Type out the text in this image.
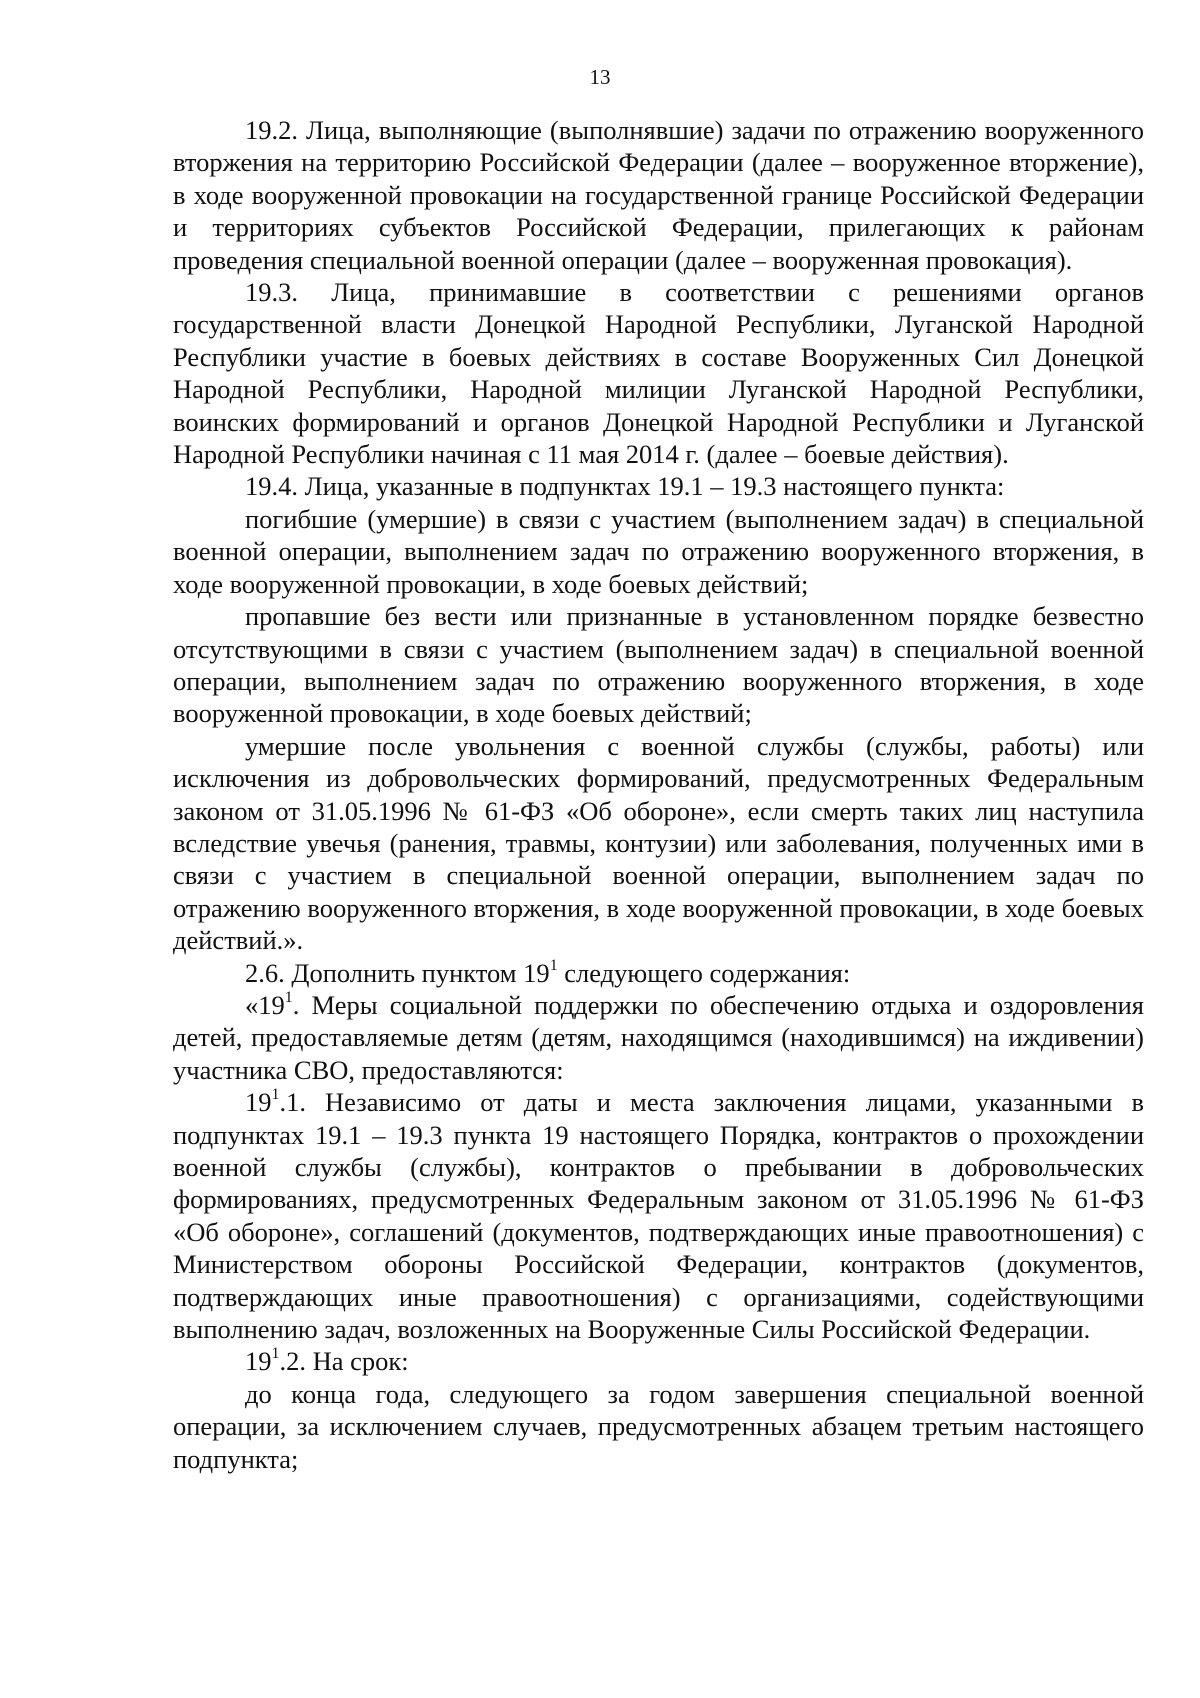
13

19.2. Лица, выполняющие (выполнявшие) задачи по отражению вооруженного вторжения на территорию Российской Федерации (далее – вооруженное вторжение), в ходе вооруженной провокации на государственной границе Российской Федерации и территориях субъектов Российской Федерации, прилегающих к районам проведения специальной военной операции (далее – вооруженная провокация).

19.3. Лица, принимавшие в соответствии с решениями органов государственной власти Донецкой Народной Республики, Луганской Народной Республики участие в боевых действиях в составе Вооруженных Сил Донецкой Народной Республики, Народной милиции Луганской Народной Республики, воинских формирований и органов Донецкой Народной Республики и Луганской Народной Республики начиная с 11 мая 2014 г. (далее – боевые действия).

19.4. Лица, указанные в подпунктах 19.1 – 19.3 настоящего пункта:

погибшие (умершие) в связи с участием (выполнением задач) в специальной военной операции, выполнением задач по отражению вооруженного вторжения, в ходе вооруженной провокации, в ходе боевых действий;

пропавшие без вести или признанные в установленном порядке безвестно отсутствующими в связи с участием (выполнением задач) в специальной военной операции, выполнением задач по отражению вооруженного вторжения, в ходе вооруженной провокации, в ходе боевых действий;

умершие после увольнения с военной службы (службы, работы) или исключения из добровольческих формирований, предусмотренных Федеральным законом от 31.05.1996 № 61-ФЗ «Об обороне», если смерть таких лиц наступила вследствие увечья (ранения, травмы, контузии) или заболевания, полученных ими в связи с участием в специальной военной операции, выполнением задач по отражению вооруженного вторжения, в ходе вооруженной провокации, в ходе боевых действий.».

2.6. Дополнить пунктом $19^1$ следующего содержания:

«$19^1$. Меры социальной поддержки по обеспечению отдыха и оздоровления детей, предоставляемые детям (детям, находящимся (находившимся) на иждивении) участника СВО, предоставляются:

$19^1.1$. Независимо от даты и места заключения лицами, указанными в подпунктах 19.1 – 19.3 пункта 19 настоящего Порядка, контрактов о прохождении военной службы (службы), контрактов о пребывании в добровольческих формированиях, предусмотренных Федеральным законом от 31.05.1996 № 61-ФЗ «Об обороне», соглашений (документов, подтверждающих иные правоотношения) с Министерством обороны Российской Федерации, контрактов (документов, подтверждающих иные правоотношения) с организациями, содействующими выполнению задач, возложенных на Вооруженные Силы Российской Федерации.

$19^1.2$. На срок:

до конца года, следующего за годом завершения специальной военной операции, за исключением случаев, предусмотренных абзацем третьим настоящего подпункта;
